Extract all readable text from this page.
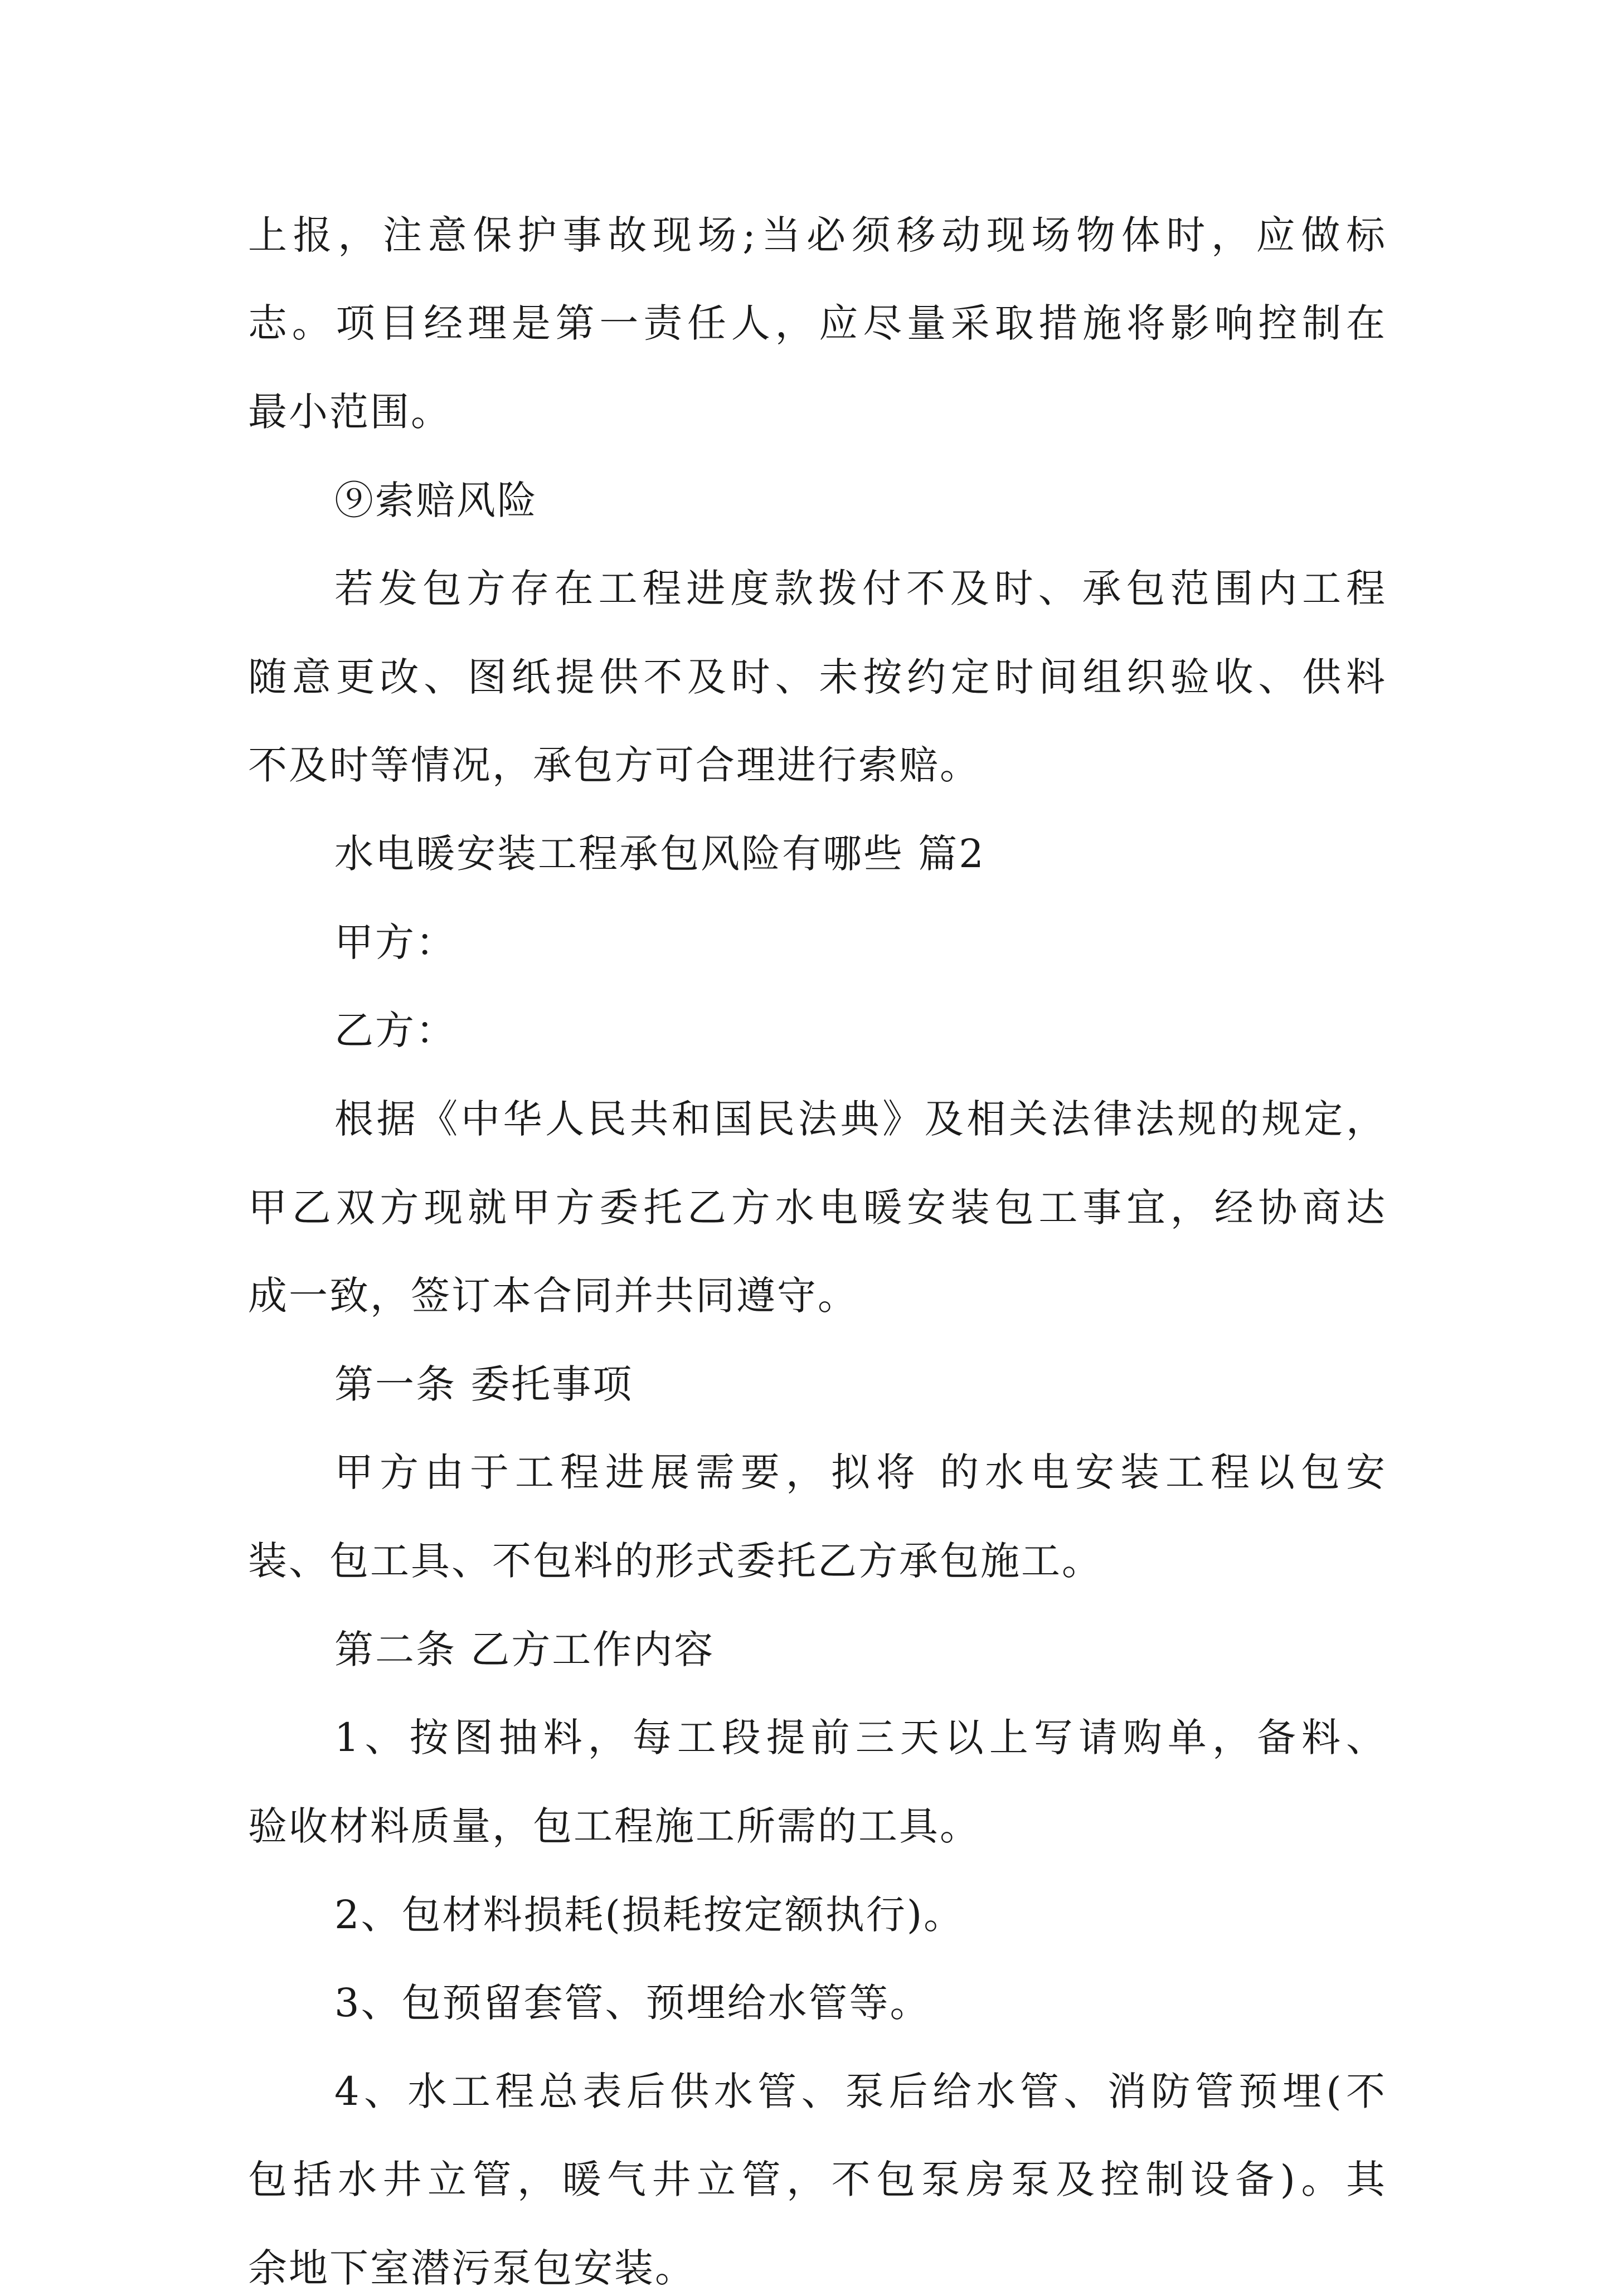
上报，注意保护事故现场;当必须移动现场物体时，应做标
志。项目经理是第一责任人，应尽量采取措施将影响控制在
最小范围。
⑨索赔风险
若发包方存在工程进度款拨付不及时、承包范围内工程
随意更改、图纸提供不及时、未按约定时间组织验收、供料
不及时等情况，承包方可合理进行索赔。
水电暖安装工程承包风险有哪些 篇2
甲方：
乙方：
根据《中华人民共和国民法典》及相关法律法规的规定，
甲乙双方现就甲方委托乙方水电暖安装包工事宜，经协商达
成一致，签订本合同并共同遵守。
第一条 委托事项
甲方由于工程进展需要，拟将 的水电安装工程以包安
装、包工具、不包料的形式委托乙方承包施工。
第二条 乙方工作内容
1、按图抽料，每工段提前三天以上写请购单，备料、
验收材料质量，包工程施工所需的工具。
2、包材料损耗(损耗按定额执行)。
3、包预留套管、预埋给水管等。
4、水工程总表后供水管、泵后给水管、消防管预埋(不
包括水井立管，暖气井立管，不包泵房泵及控制设备)。其
余地下室潜污泵包安装。
